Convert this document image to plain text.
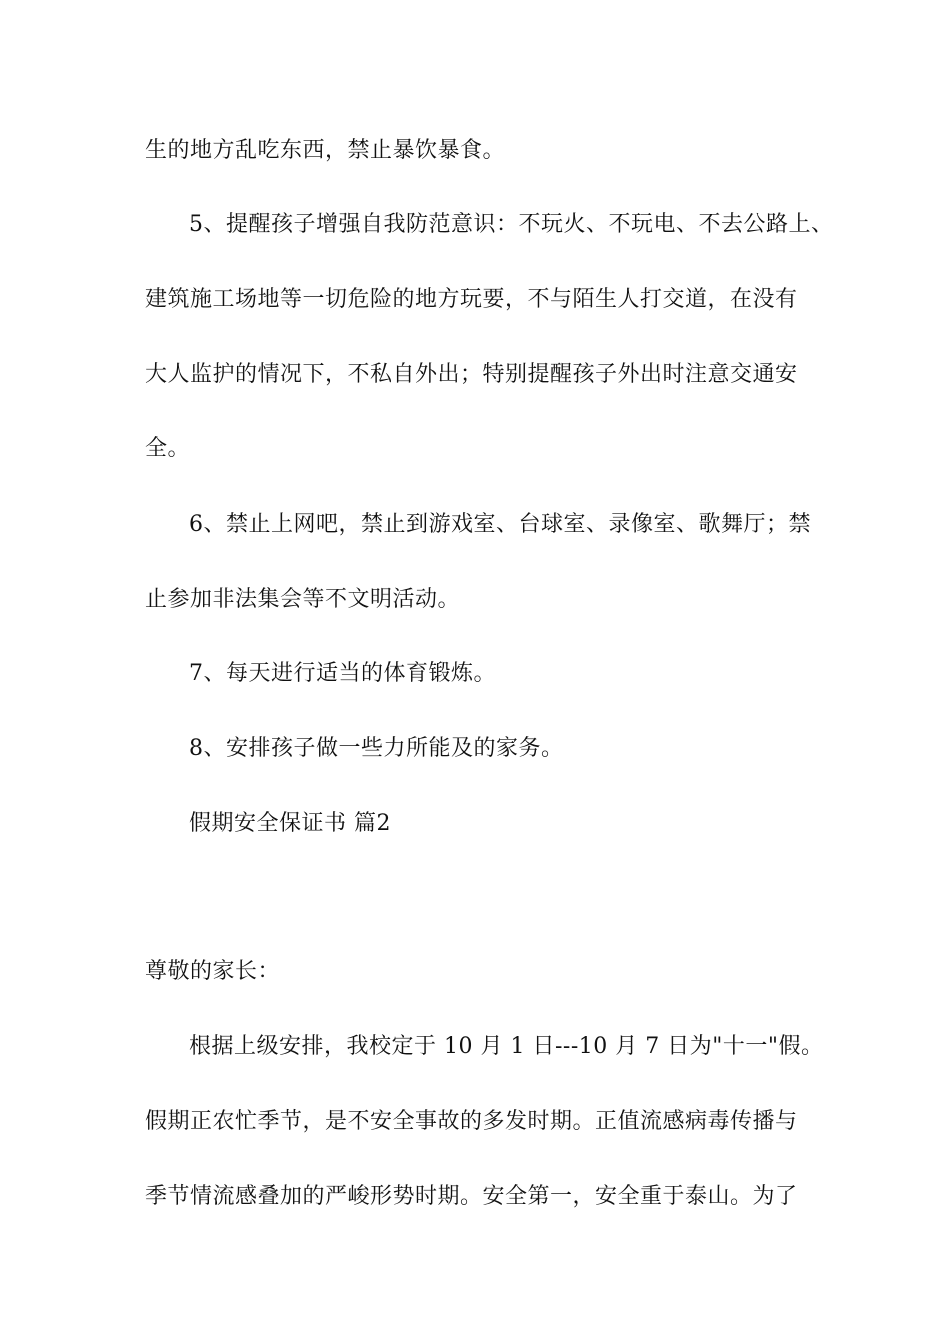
生的地方乱吃东西，禁止暴饮暴食。
5、提醒孩子增强自我防范意识：不玩火、不玩电、不去公路上、
建筑施工场地等一切危险的地方玩要，不与陌生人打交道，在没有
大人监护的情况下，不私自外出；特别提醒孩子外出时注意交通安
全。
6、禁止上网吧，禁止到游戏室、台球室、录像室、歌舞厅；禁
止参加非法集会等不文明活动。
7、每天进行适当的体育锻炼。
8、安排孩子做一些力所能及的家务。
假期安全保证书 篇2
尊敬的家长：
根据上级安排，我校定于 10 月 1 日---10 月 7 日为"十一"假。
假期正农忙季节，是不安全事故的多发时期。正值流感病毒传播与
季节情流感叠加的严峻形势时期。安全第一，安全重于泰山。为了
